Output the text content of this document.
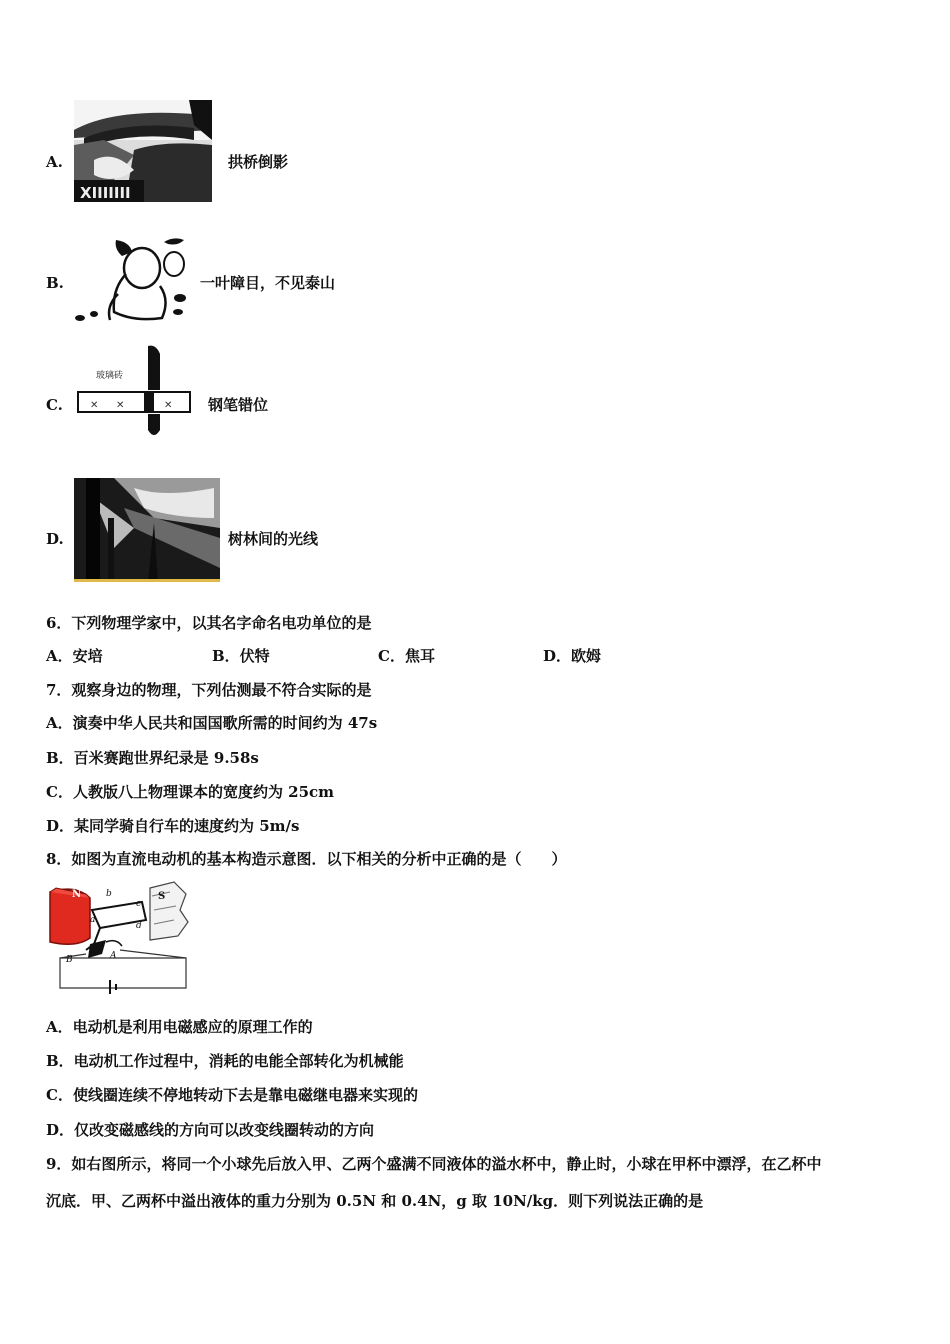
A.
XIIIIIII
拱桥倒影
B.	一叶障目，不见泰山
C.	✕ ✕	✕
玻璃砖
钢笔错位
D.	树林间的光线
6．下列物理学家中，以其名字命名电功单位的是
A．安培	B．伏特	C．焦耳	D．欧姆
7．观察身边的物理，下列估测最不符合实际的是
A．演奏中华人民共和国国歌所需的时间约为 47s
B．百米赛跑世界纪录是 9.58s
C．人教版八上物理课本的宽度约为 25cm
D．某同学骑自行车的速度约为 5m/s
8．如图为直流电动机的基本构造示意图．以下相关的分析中正确的是（　　）
N	S
a
b
c
d
A
B
A．电动机是利用电磁感应的原理工作的
B．电动机工作过程中，消耗的电能全部转化为机械能
C．使线圈连续不停地转动下去是靠电磁继电器来实现的
D．仅改变磁感线的方向可以改变线圈转动的方向
9．如右图所示，将同一个小球先后放入甲、乙两个盛满不同液体的溢水杯中，静止时，小球在甲杯中漂浮，在乙杯中
沉底．甲、乙两杯中溢出液体的重力分别为 0.5N 和 0.4N，g 取 10N/kg．则下列说法正确的是
